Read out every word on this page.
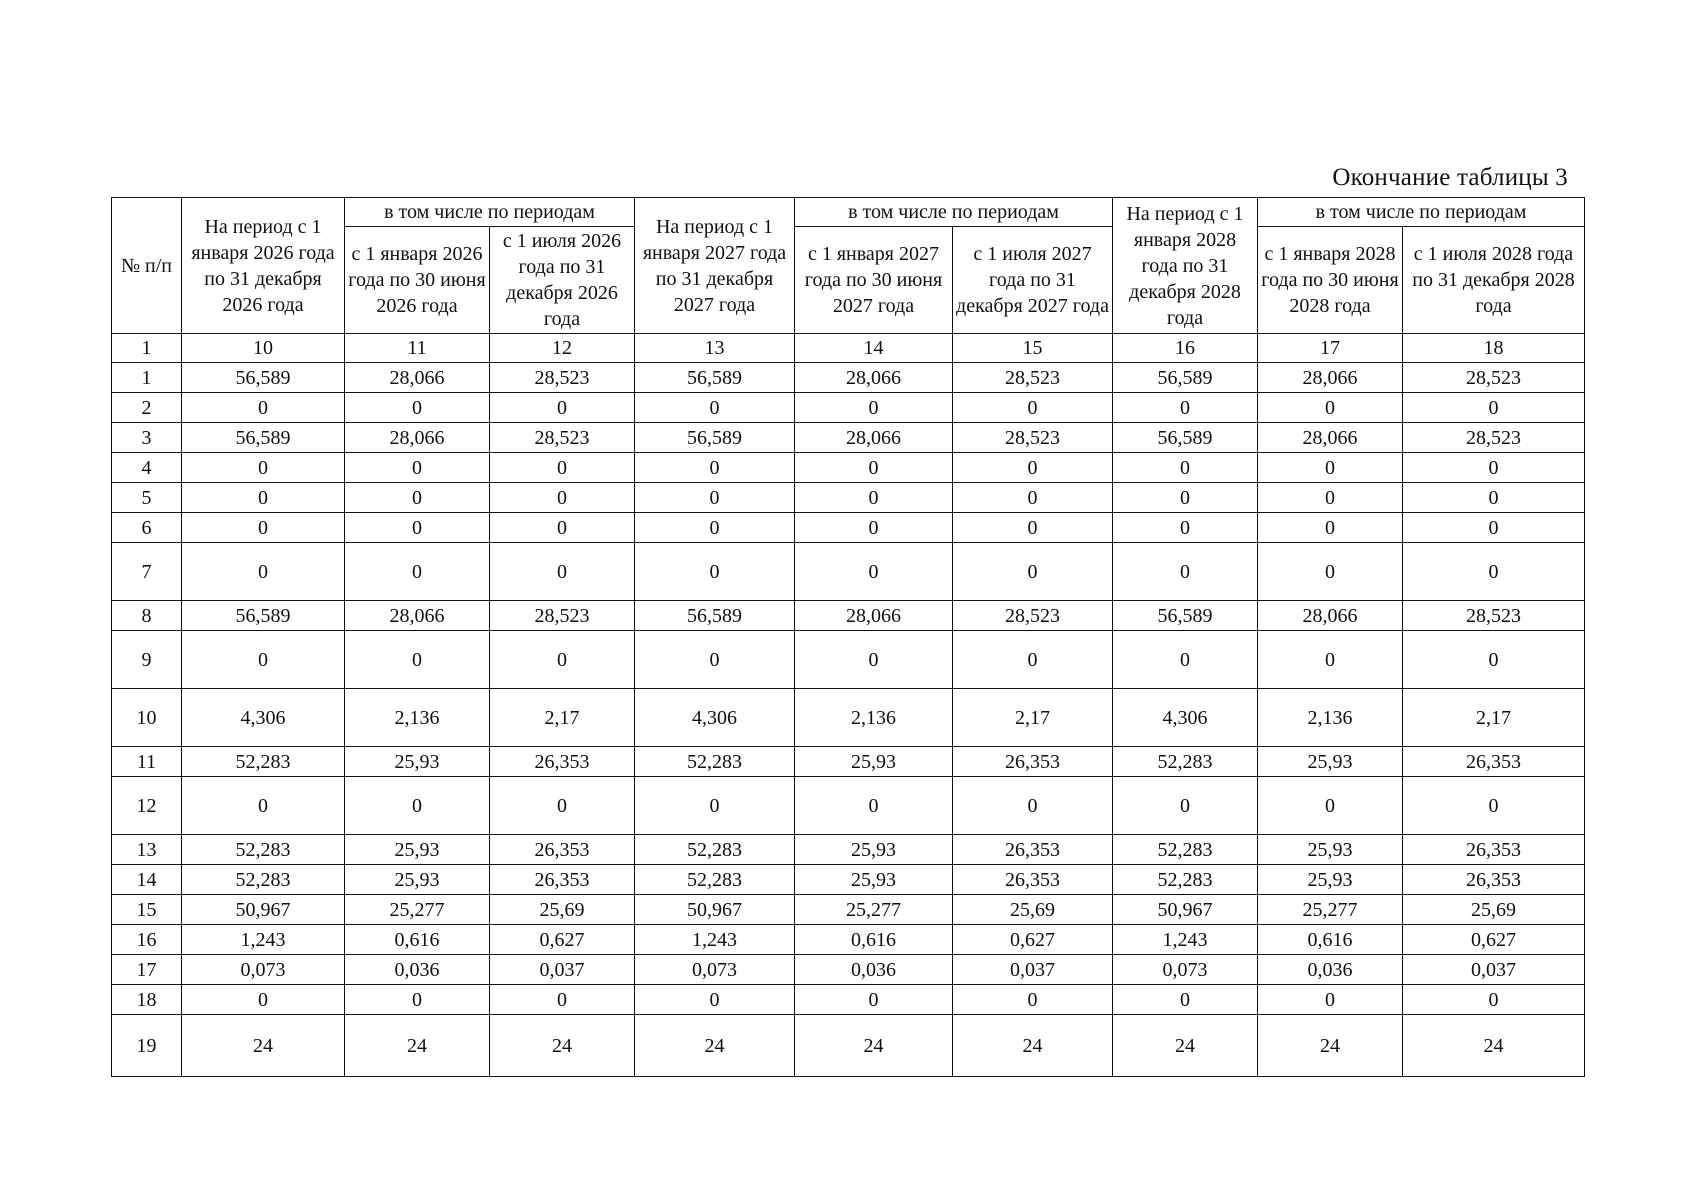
Окончание таблицы 3
№ п/п	На период с 1 января 2026 года по 31 декабря 2026 года	в том числе по периодам		На период с 1 января 2027 года по 31 декабря 2027 года	в том числе по периодам		На период с 1 января 2028 года по 31 декабря 2028 года	в том числе по периодам	
		с 1 января 2026 года по 30 июня 2026 года	с 1 июля 2026 года по 31 декабря 2026 года		с 1 января 2027 года по 30 июня 2027 года	с 1 июля 2027 года по 31 декабря 2027 года		с 1 января 2028 года по 30 июня 2028 года	с 1 июля 2028 года по 31 декабря 2028 года
1	10	11	12	13	14	15	16	17	18
1	56,589	28,066	28,523	56,589	28,066	28,523	56,589	28,066	28,523
2	0	0	0	0	0	0	0	0	0
3	56,589	28,066	28,523	56,589	28,066	28,523	56,589	28,066	28,523
4	0	0	0	0	0	0	0	0	0
5	0	0	0	0	0	0	0	0	0
6	0	0	0	0	0	0	0	0	0
7	0	0	0	0	0	0	0	0	0
8	56,589	28,066	28,523	56,589	28,066	28,523	56,589	28,066	28,523
9	0	0	0	0	0	0	0	0	0
10	4,306	2,136	2,17	4,306	2,136	2,17	4,306	2,136	2,17
11	52,283	25,93	26,353	52,283	25,93	26,353	52,283	25,93	26,353
12	0	0	0	0	0	0	0	0	0
13	52,283	25,93	26,353	52,283	25,93	26,353	52,283	25,93	26,353
14	52,283	25,93	26,353	52,283	25,93	26,353	52,283	25,93	26,353
15	50,967	25,277	25,69	50,967	25,277	25,69	50,967	25,277	25,69
16	1,243	0,616	0,627	1,243	0,616	0,627	1,243	0,616	0,627
17	0,073	0,036	0,037	0,073	0,036	0,037	0,073	0,036	0,037
18	0	0	0	0	0	0	0	0	0
19	24	24	24	24	24	24	24	24	24
